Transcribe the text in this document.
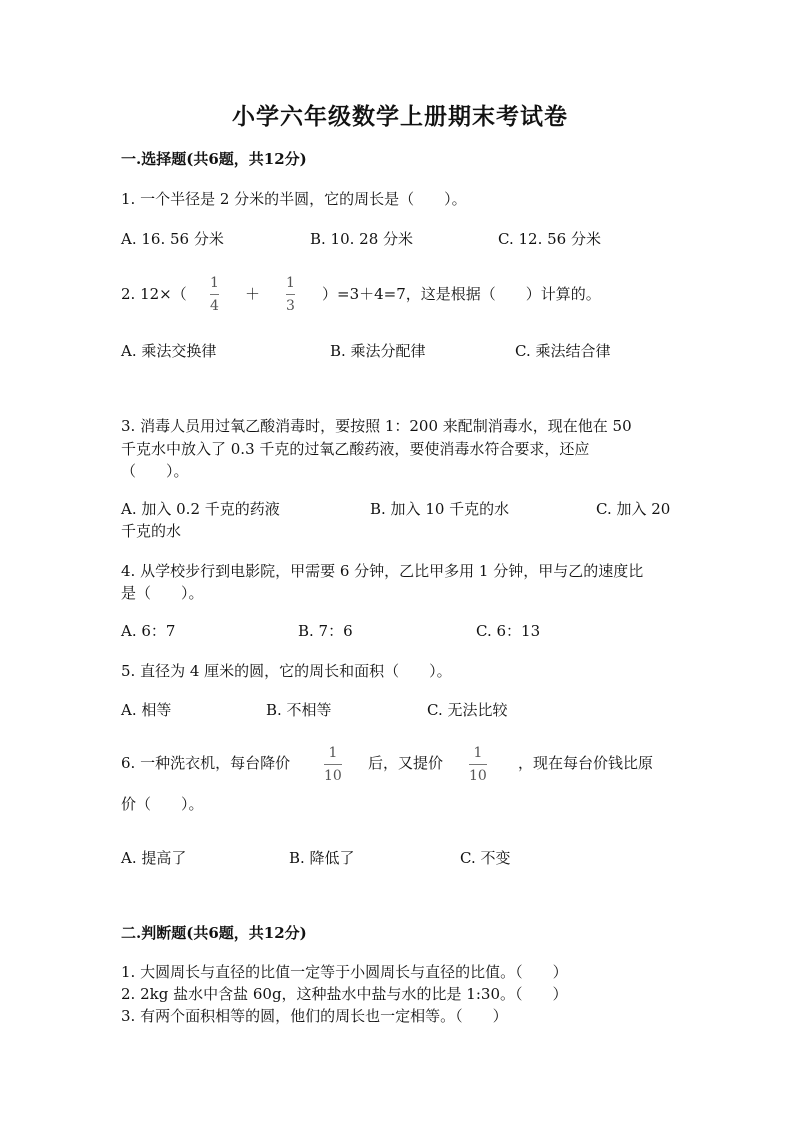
小学六年级数学上册期末考试卷
一.选择题(共6题，共12分)
1. 一个半径是 2 分米的半圆，它的周长是（　　）。
A. 16. 56 分米	B. 10. 28 分米	C. 12. 56 分米
2. 12×（
1
4
＋
1
3
）=3＋4=7，这是根据（　　）计算的。
A. 乘法交换律	B. 乘法分配律	C. 乘法结合律
3. 消毒人员用过氧乙酸消毒时，要按照 1：200 来配制消毒水，现在他在 50
千克水中放入了 0.3 千克的过氧乙酸药液，要使消毒水符合要求，还应
（　　）。
A. 加入 0.2 千克的药液	B. 加入 10 千克的水	C. 加入 20
千克的水
4. 从学校步行到电影院，甲需要 6 分钟，乙比甲多用 1 分钟，甲与乙的速度比
是（　　）。
A. 6：7	B. 7：6	C. 6：13
5. 直径为 4 厘米的圆，它的周长和面积（　　）。
A. 相等	B. 不相等	C. 无法比较
6. 一种洗衣机，每台降价
1
10
后，又提价
1
10
，现在每台价钱比原
价（　　）。
A. 提高了	B. 降低了	C. 不变
二.判断题(共6题，共12分)
1. 大圆周长与直径的比值一定等于小圆周长与直径的比值。（　　）
2. 2kg 盐水中含盐 60g，这种盐水中盐与水的比是 1:30。（　　）
3. 有两个面积相等的圆，他们的周长也一定相等。（　　）
